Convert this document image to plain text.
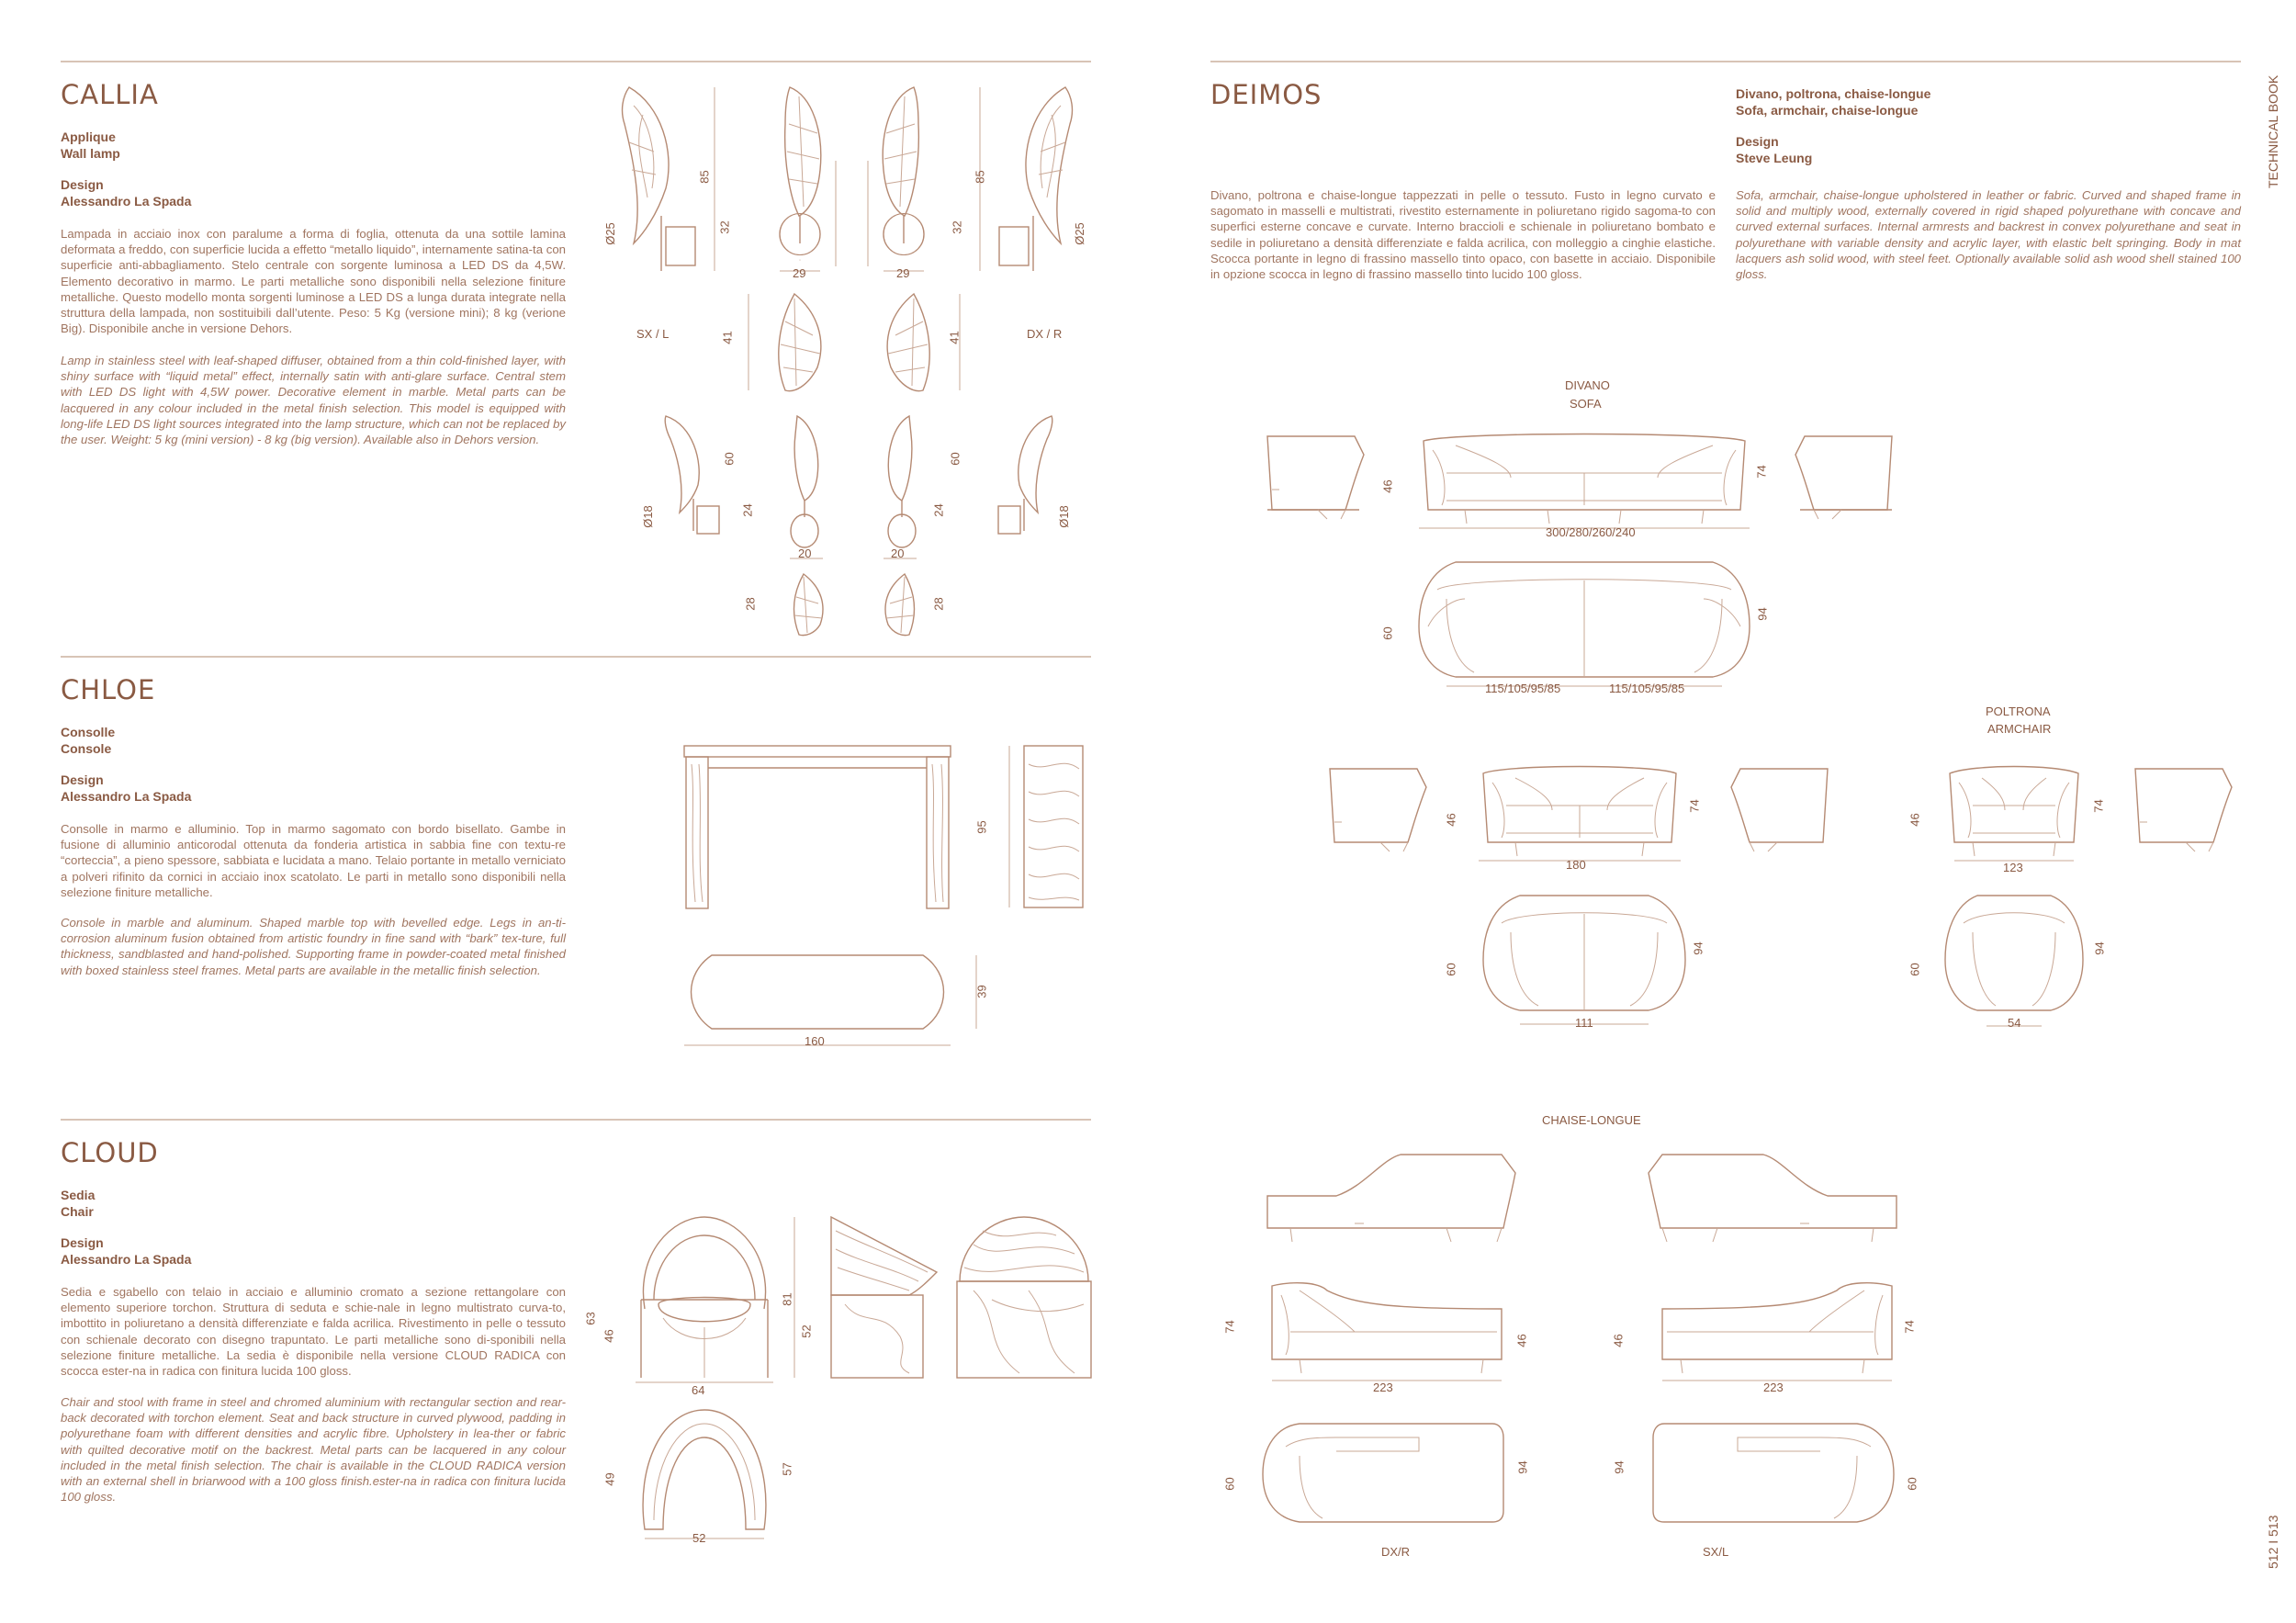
TECHNICAL BOOK
512 I 513
CALLIA
Applique
Wall lamp
Design
Alessandro La Spada
Lampada in acciaio inox con paralume a forma di foglia, ottenuta da una sottile lamina deformata a freddo, con superficie lucida a effetto “metallo liquido”, internamente satina-ta con superficie anti-abbagliamento. Stelo centrale con sorgente luminosa a LED DS da 4,5W. Elemento decorativo in marmo. Le parti metalliche sono disponibili nella selezione finiture metalliche. Questo modello monta sorgenti luminose a LED DS a lunga durata integrate nella struttura della lampada, non sostituibili dall’utente. Peso: 5 Kg (versione mini); 8 kg (verione Big). Disponibile anche in versione Dehors.
Lamp in stainless steel with leaf-shaped diffuser, obtained from a thin cold-finished layer, with shiny surface with “liquid metal” effect, internally satin with anti-glare surface. Central stem with LED DS light with 4,5W power. Decorative element in marble. Metal parts can be lacquered in any colour included in the metal finish selection. This model is equipped with long-life LED DS light sources integrated into the lamp structure, which can not be replaced by the user. Weight: 5 kg (mini version) - 8 kg (big version). Available also in Dehors version.
85
Ø25	32
29
32
29
85
Ø25
SX / L	DX / R
41	41
60
24
Ø18
20	20
24
60
Ø18
28	28
CHLOE
Consolle
Console
Design
Alessandro La Spada
Consolle in marmo e alluminio. Top in marmo sagomato con bordo bisellato. Gambe in fusione di alluminio anticorodal ottenuta da fonderia artistica in sabbia fine con textu-re “corteccia”, a pieno spessore, sabbiata e lucidata a mano. Telaio portante in metallo verniciato a polveri rifinito da cornici in acciaio inox scatolato. Le parti in metallo sono disponibili nella selezione finiture metalliche.
Console in marble and aluminum. Shaped marble top with bevelled edge. Legs in an-ti-corrosion aluminum fusion obtained from artistic foundry in fine sand with “bark” tex-ture, full thickness, sandblasted and hand-polished. Supporting frame in powder-coated metal finished with boxed stainless steel frames. Metal parts are available in the metallic finish selection.
95
39
160
CLOUD
Sedia
Chair
Design
Alessandro La Spada
Sedia e sgabello con telaio in acciaio e alluminio cromato a sezione rettangolare con elemento superiore torchon. Struttura di seduta e schie-nale in legno multistrato curva-to, imbottito in poliuretano a densità differenziate e falda acrilica. Rivestimento in pelle o tessuto con schienale decorato con disegno trapuntato. Le parti metalliche sono di-sponibili nella selezione finiture metalliche. La sedia è disponibile nella versione CLOUD RADICA con scocca ester-na in radica con finitura lucida 100 gloss.
Chair and stool with frame in steel and chromed aluminium with rectangular section and rear-back decorated with torchon element. Seat and back structure in curved plywood, padding in polyurethane foam with different densities and acrylic fibre. Upholstery in lea-ther or fabric with quilted decorative motif on the backrest. Metal parts can be lacquered in any colour included in the metal finish selection. The chair is available in the CLOUD RADICA version with an external shell in briarwood with a 100 gloss finish.ester-na in radica con finitura lucida 100 gloss.
63
46
64
81
52
49
57
52
DEIMOS	Divano, poltrona, chaise-longue
Sofa, armchair, chaise-longue
Design
Steve Leung
Divano, poltrona e chaise-longue tappezzati in pelle o tessuto. Fusto in legno curvato e sagomato in masselli e multistrati, rivestito esternamente in poliuretano rigido sagoma-to con superfici esterne concave e curvate. Interno braccioli e schienale in poliuretano bombato e sedile in poliuretano a densità differenziate e falda acrilica, con molleggio a cinghie elastiche. Scocca portante in legno di frassino massello tinto opaco, con basette in acciaio. Disponibile in opzione scocca in legno di frassino massello tinto lucido 100 gloss.
Sofa, armchair, chaise-longue upholstered in leather or fabric. Curved and shaped frame in solid and multiply wood, externally covered in rigid shaped polyurethane with concave and curved external surfaces. Internal armrests and backrest in convex polyurethane and seat in polyurethane with variable density and acrylic layer, with elastic belt springing. Body in mat lacquers ash solid wood, with steel feet. Optionally available solid ash wood shell stained 100 gloss.
DIVANO
SOFA
46
74
300/280/260/240
60
94
115/105/95/85	115/105/95/85
46
74
180
60
94
111
POLTRONA
ARMCHAIR
46
74
123
60
94
54
CHAISE-LONGUE
74
46
223
46
74
223
60
94	94
60
DX/R	SX/L
